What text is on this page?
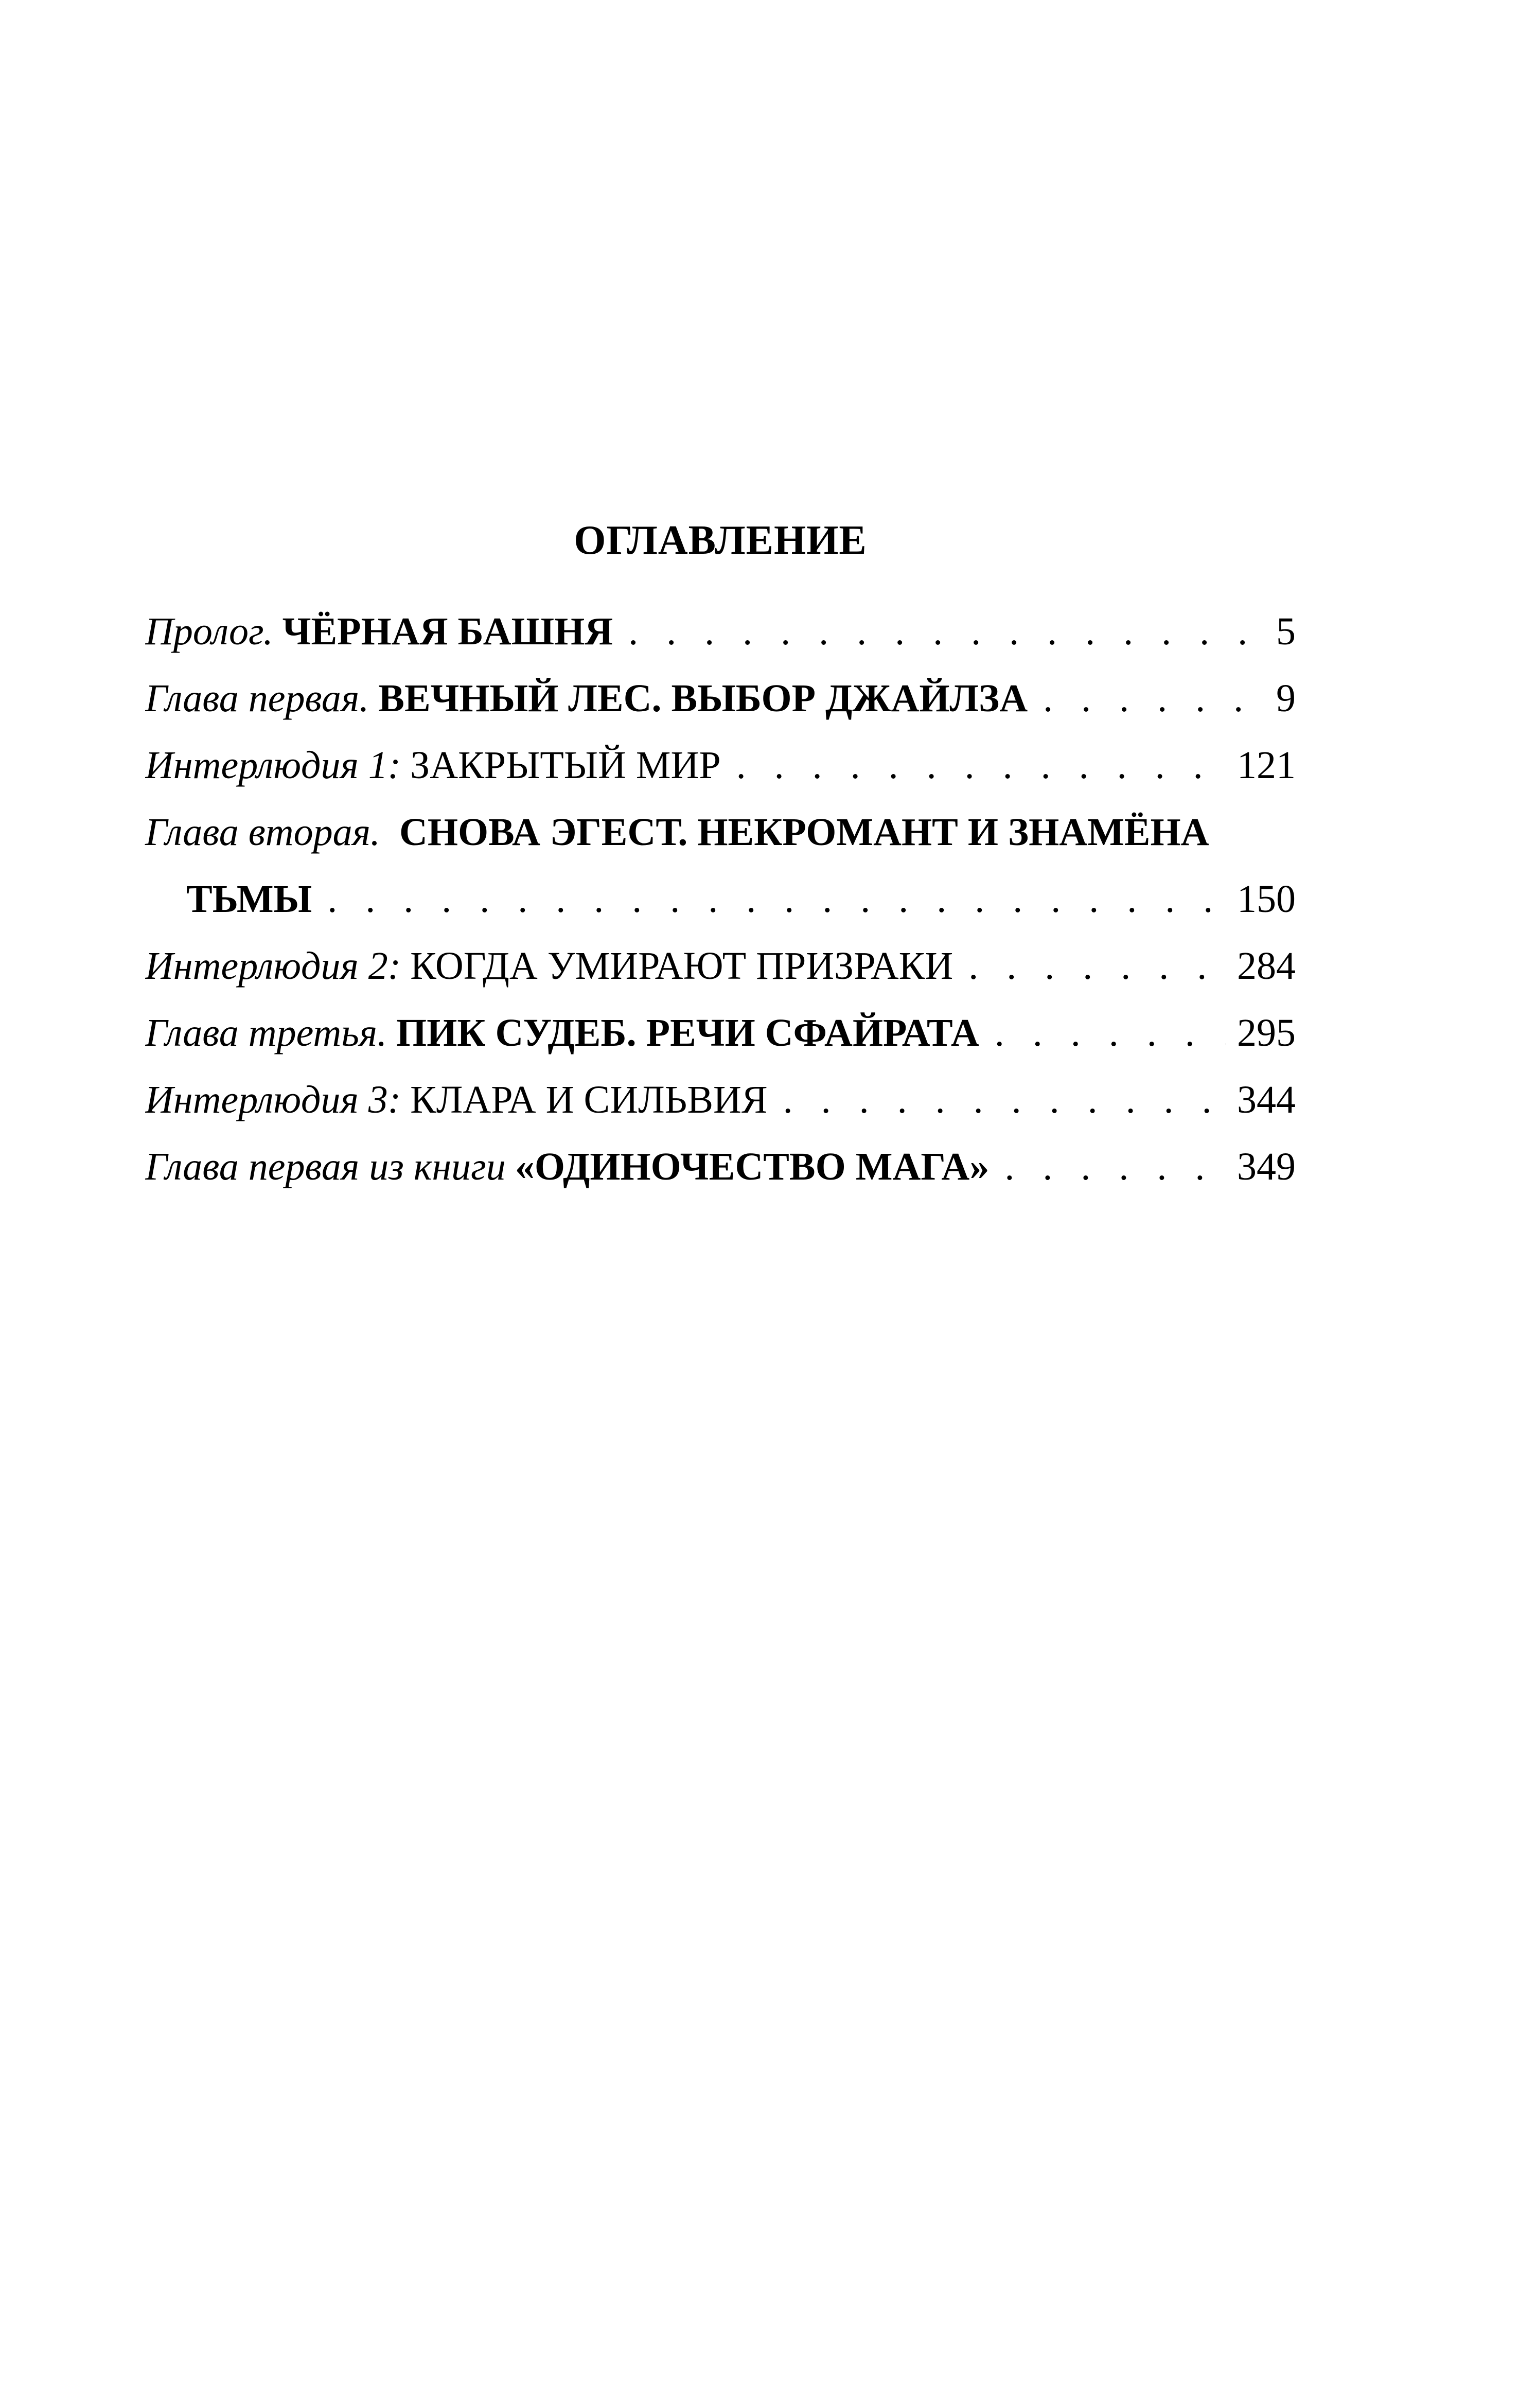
ОГЛАВЛЕНИЕ
Пролог. ЧЁРНАЯ БАШНЯ . . .	5
Глава первая. ВЕЧНЫЙ ЛЕС. ВЫБОР ДЖАЙЛЗА . . .	9
Интерлюдия 1: ЗАКРЫТЫЙ МИР . . .	121
Глава вторая. СНОВА ЭГЕСТ. НЕКРОМАНТ И ЗНАМЁНА
ТЬМЫ . . .	150
Интерлюдия 2: КОГДА УМИРАЮТ ПРИЗРАКИ . . .	284
Глава третья. ПИК СУДЕБ. РЕЧИ СФАЙРАТА . . .	295
Интерлюдия 3: КЛАРА И СИЛЬВИЯ . . .	344
Глава первая из книги «ОДИНОЧЕСТВО МАГА» . . .	349
